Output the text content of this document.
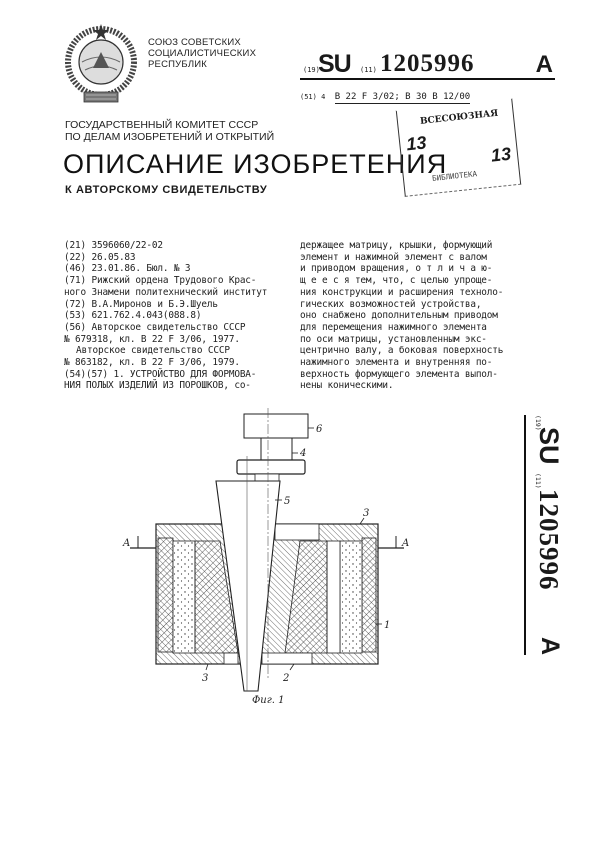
СОЮЗ СОВЕТСКИХ
СОЦИАЛИСТИЧЕСКИХ
РЕСПУБЛИК	(19)
SU (11) 1205996	A
(51) 4 B 22 F 3/02; B 30 B 12/00
ГОСУДАРСТВЕННЫЙ КОМИТЕТ СССР
ПО ДЕЛАМ ИЗОБРЕТЕНИЙ И ОТКРЫТИЙ
ОПИСАНИЕ ИЗОБРЕТЕНИЯ
К АВТОРСКОМУ СВИДЕТЕЛЬСТВУ
ВСЕСОЮЗНАЯ
13
13
БИБЛИОТЕКА
(21) 3596060/22-02
(22) 26.05.83
(46) 23.01.86. Бюл. № 3
(71) Рижский ордена Трудового Крас-
ного Знамени политехнический институт
(72) В.А.Миронов и Б.Э.Шуель
(53) 621.762.4.043(088.8)
(56) Авторское свидетельство СССР
№ 679318, кл. B 22 F 3/06, 1977.
Авторское свидетельство СССР
№ 863182, кл. B 22 F 3/06, 1979.
(54)(57) 1. УСТРОЙСТВО ДЛЯ ФОРМОВА-
НИЯ ПОЛЫХ ИЗДЕЛИЙ ИЗ ПОРОШКОВ, со-
держащее матрицу, крышки, формующий
элемент и нажимной элемент с валом
и приводом вращения, о т л и ч а ю-
щ е е с я тем, что, с целью упроще-
ния конструкции и расширения техноло-
гических возможностей устройства,
оно снабжено дополнительным приводом
для перемещения нажимного элемента
по оси матрицы, установленным экс-
центрично валу, а боковая поверхность
нажимного элемента и внутренняя по-
верхность формующего элемента выпол-
нены коническими.
(19)
SU
(11)
1205996
A
A	A
6
4
5
3
1
3	2
Фиг. 1
